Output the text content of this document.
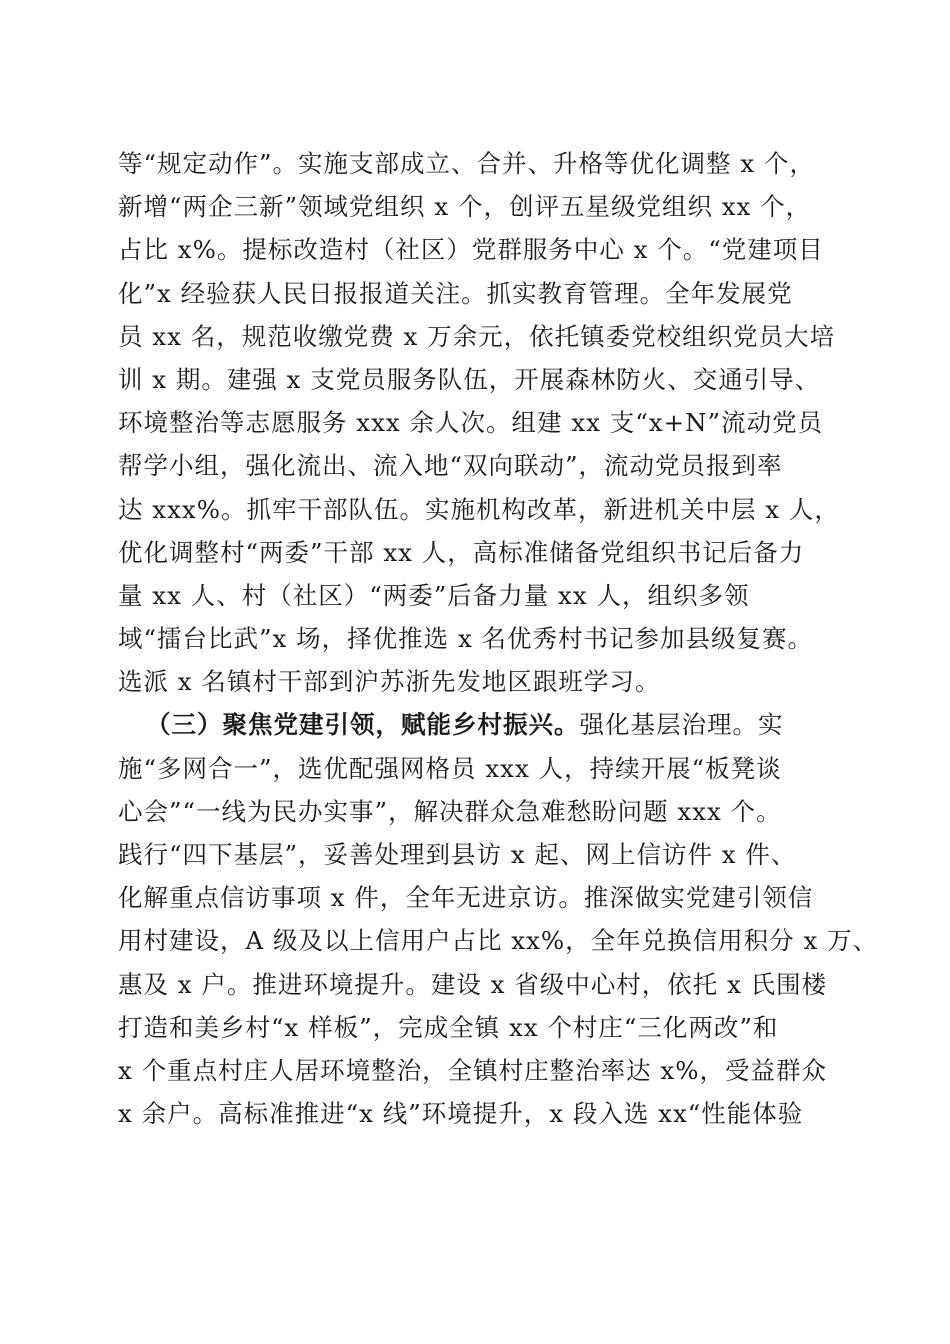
等“规定动作”。实施支部成立、合并、升格等优化调整 x 个，
新增“两企三新”领域党组织 x 个，创评五星级党组织 xx 个，
占比 x%。提标改造村（社区）党群服务中心 x 个。“党建项目
化”x 经验获人民日报报道关注。抓实教育管理。全年发展党
员 xx 名，规范收缴党费 x 万余元，依托镇委党校组织党员大培
训 x 期。建强 x 支党员服务队伍，开展森林防火、交通引导、
环境整治等志愿服务 xxx 余人次。组建 xx 支“x+N”流动党员
帮学小组，强化流出、流入地“双向联动”，流动党员报到率
达 xxx%。抓牢干部队伍。实施机构改革，新进机关中层 x 人，
优化调整村“两委”干部 xx 人，高标准储备党组织书记后备力
量 xx 人、村（社区）“两委”后备力量 xx 人，组织多领
域“擂台比武”x 场，择优推选 x 名优秀村书记参加县级复赛。
选派 x 名镇村干部到沪苏浙先发地区跟班学习。
（三）聚焦党建引领，赋能乡村振兴。强化基层治理。实
施“多网合一”，选优配强网格员 xxx 人，持续开展“板凳谈
心会”“一线为民办实事”，解决群众急难愁盼问题 xxx 个。
践行“四下基层”，妥善处理到县访 x 起、网上信访件 x 件、
化解重点信访事项 x 件，全年无进京访。推深做实党建引领信
用村建设，A 级及以上信用户占比 xx%，全年兑换信用积分 x 万、
惠及 x 户。推进环境提升。建设 x 省级中心村，依托 x 氏围楼
打造和美乡村“x 样板”，完成全镇 xx 个村庄“三化两改”和
x 个重点村庄人居环境整治，全镇村庄整治率达 x%，受益群众
x 余户。高标准推进“x 线”环境提升，x 段入选 xx“性能体验
